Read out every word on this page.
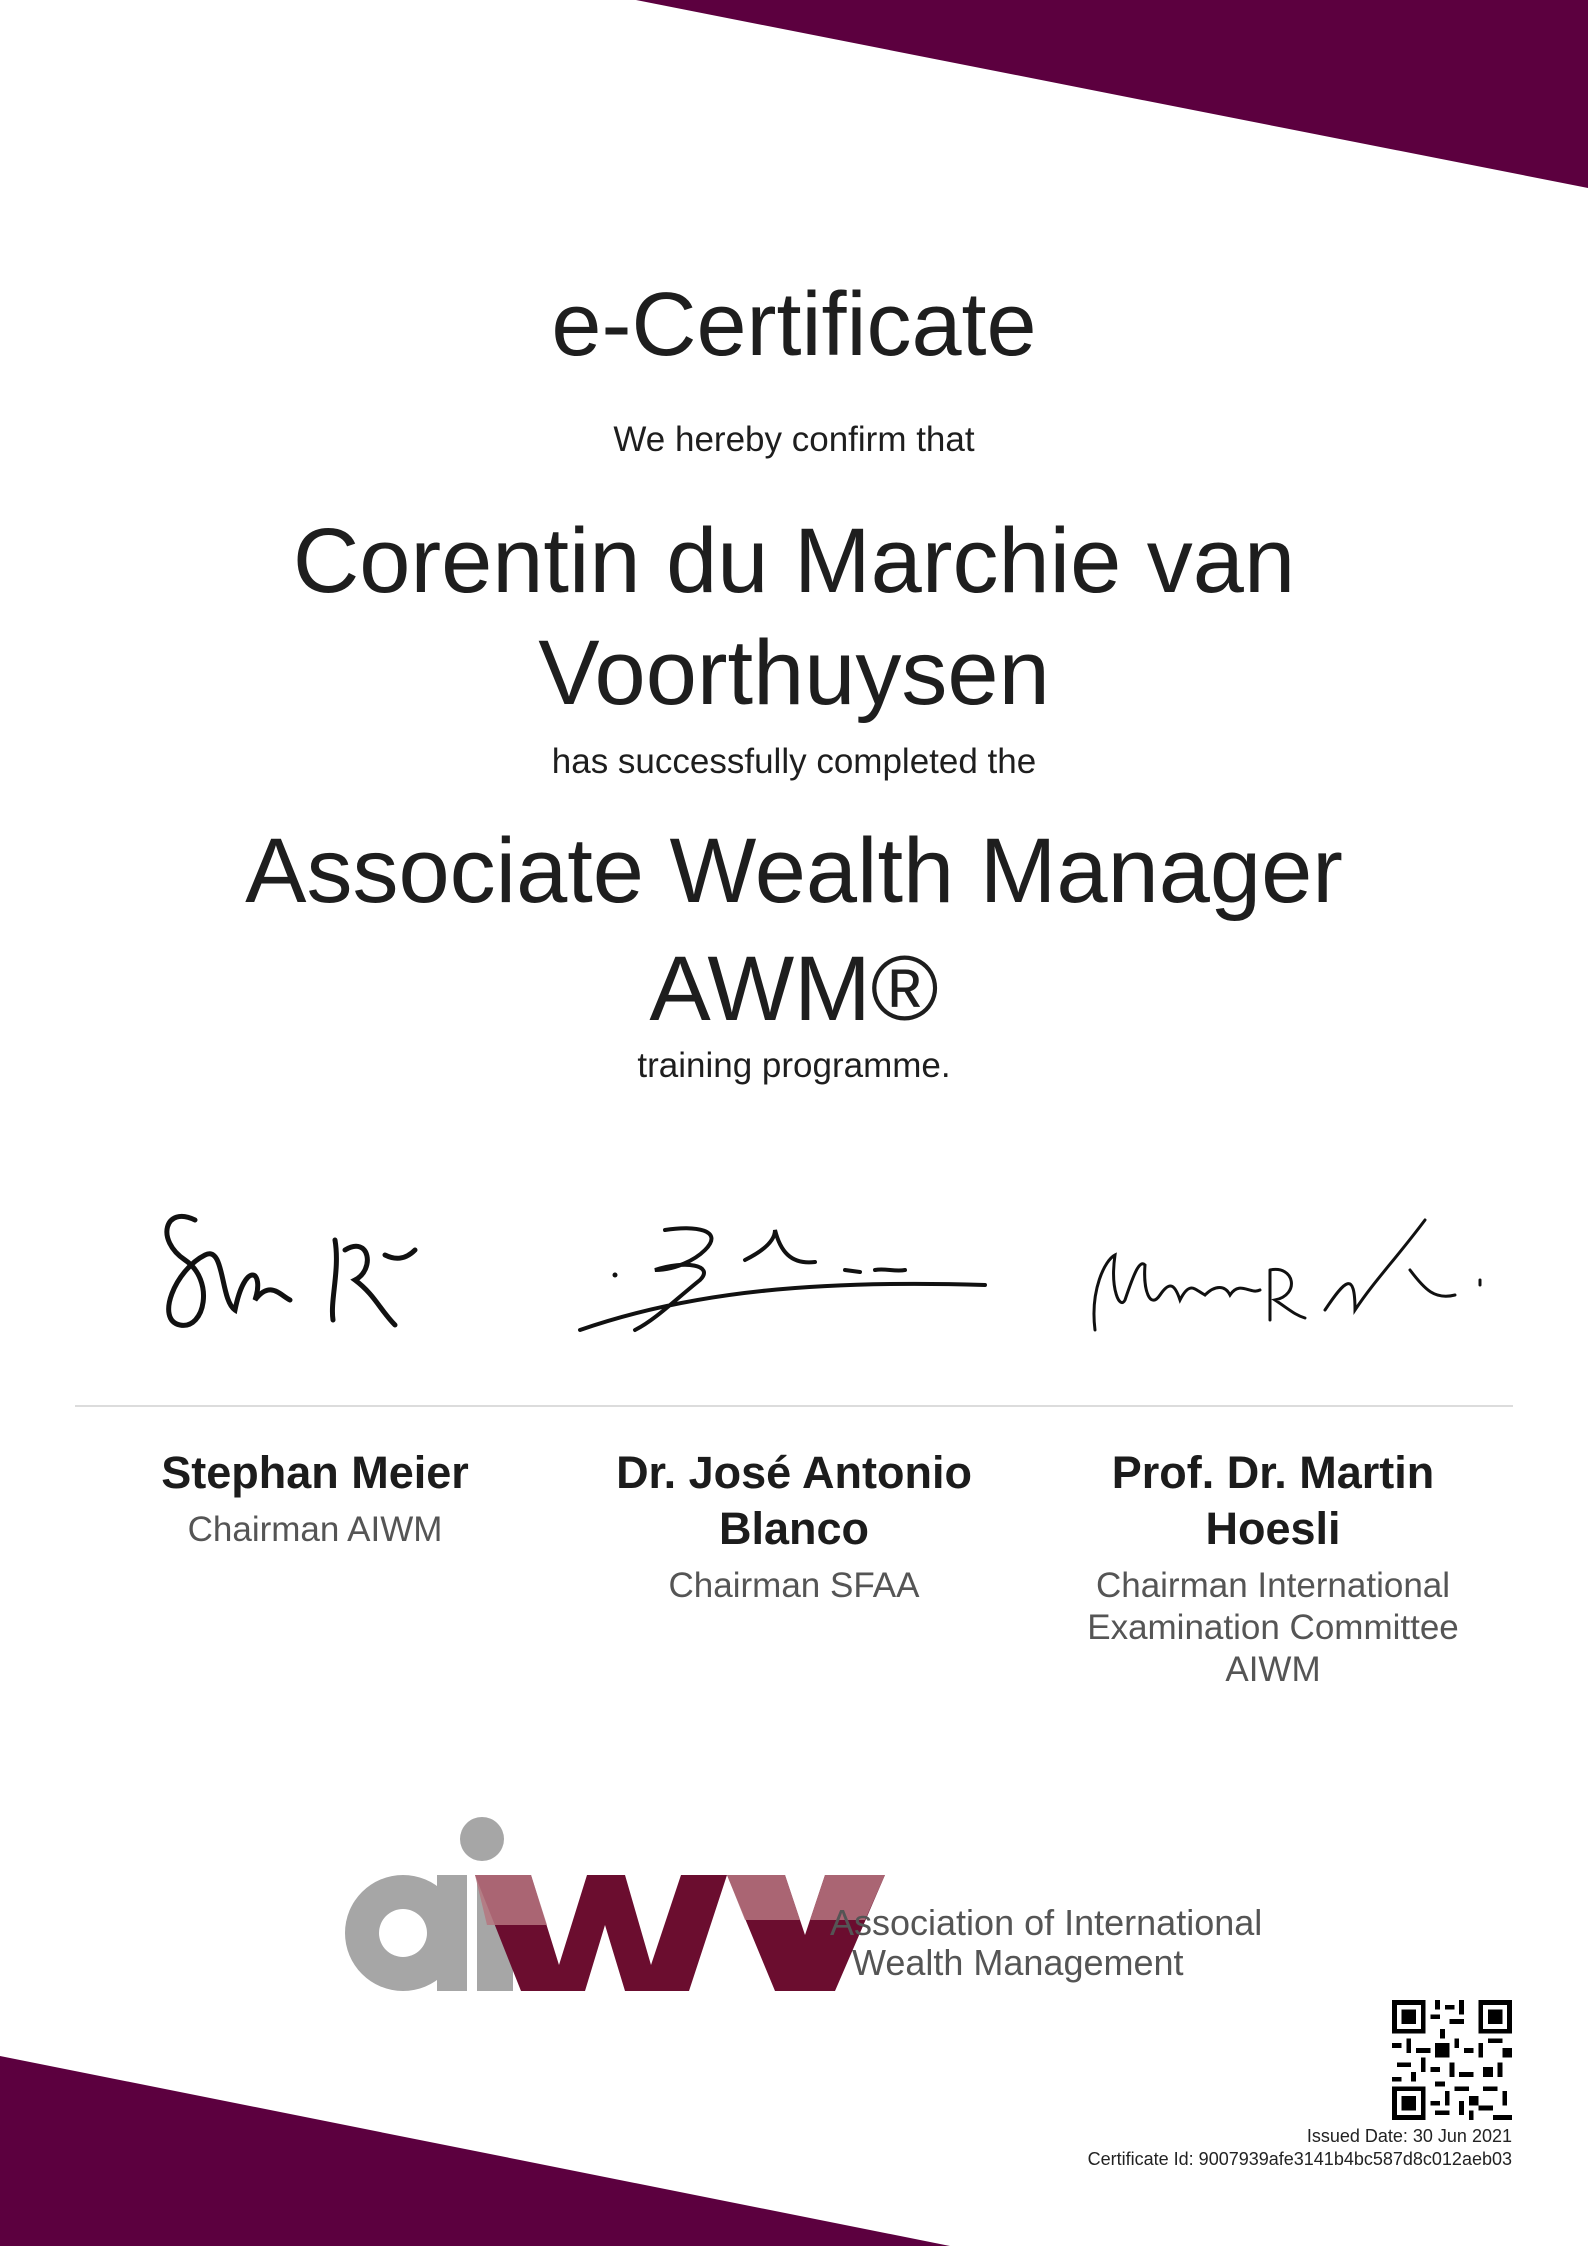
e-Certificate
We hereby confirm that
Corentin du Marchie van Voorthuysen
has successfully completed the
Associate Wealth Manager AWM®
training programme.
Stephan Meier
Chairman AIWM
Dr. José Antonio Blanco
Chairman SFAA
Prof. Dr. Martin Hoesli
Chairman International Examination Committee AIWM
Association of International
Wealth Management
Issued Date: 30 Jun 2021
Certificate Id: 9007939afe3141b4bc587d8c012aeb03
